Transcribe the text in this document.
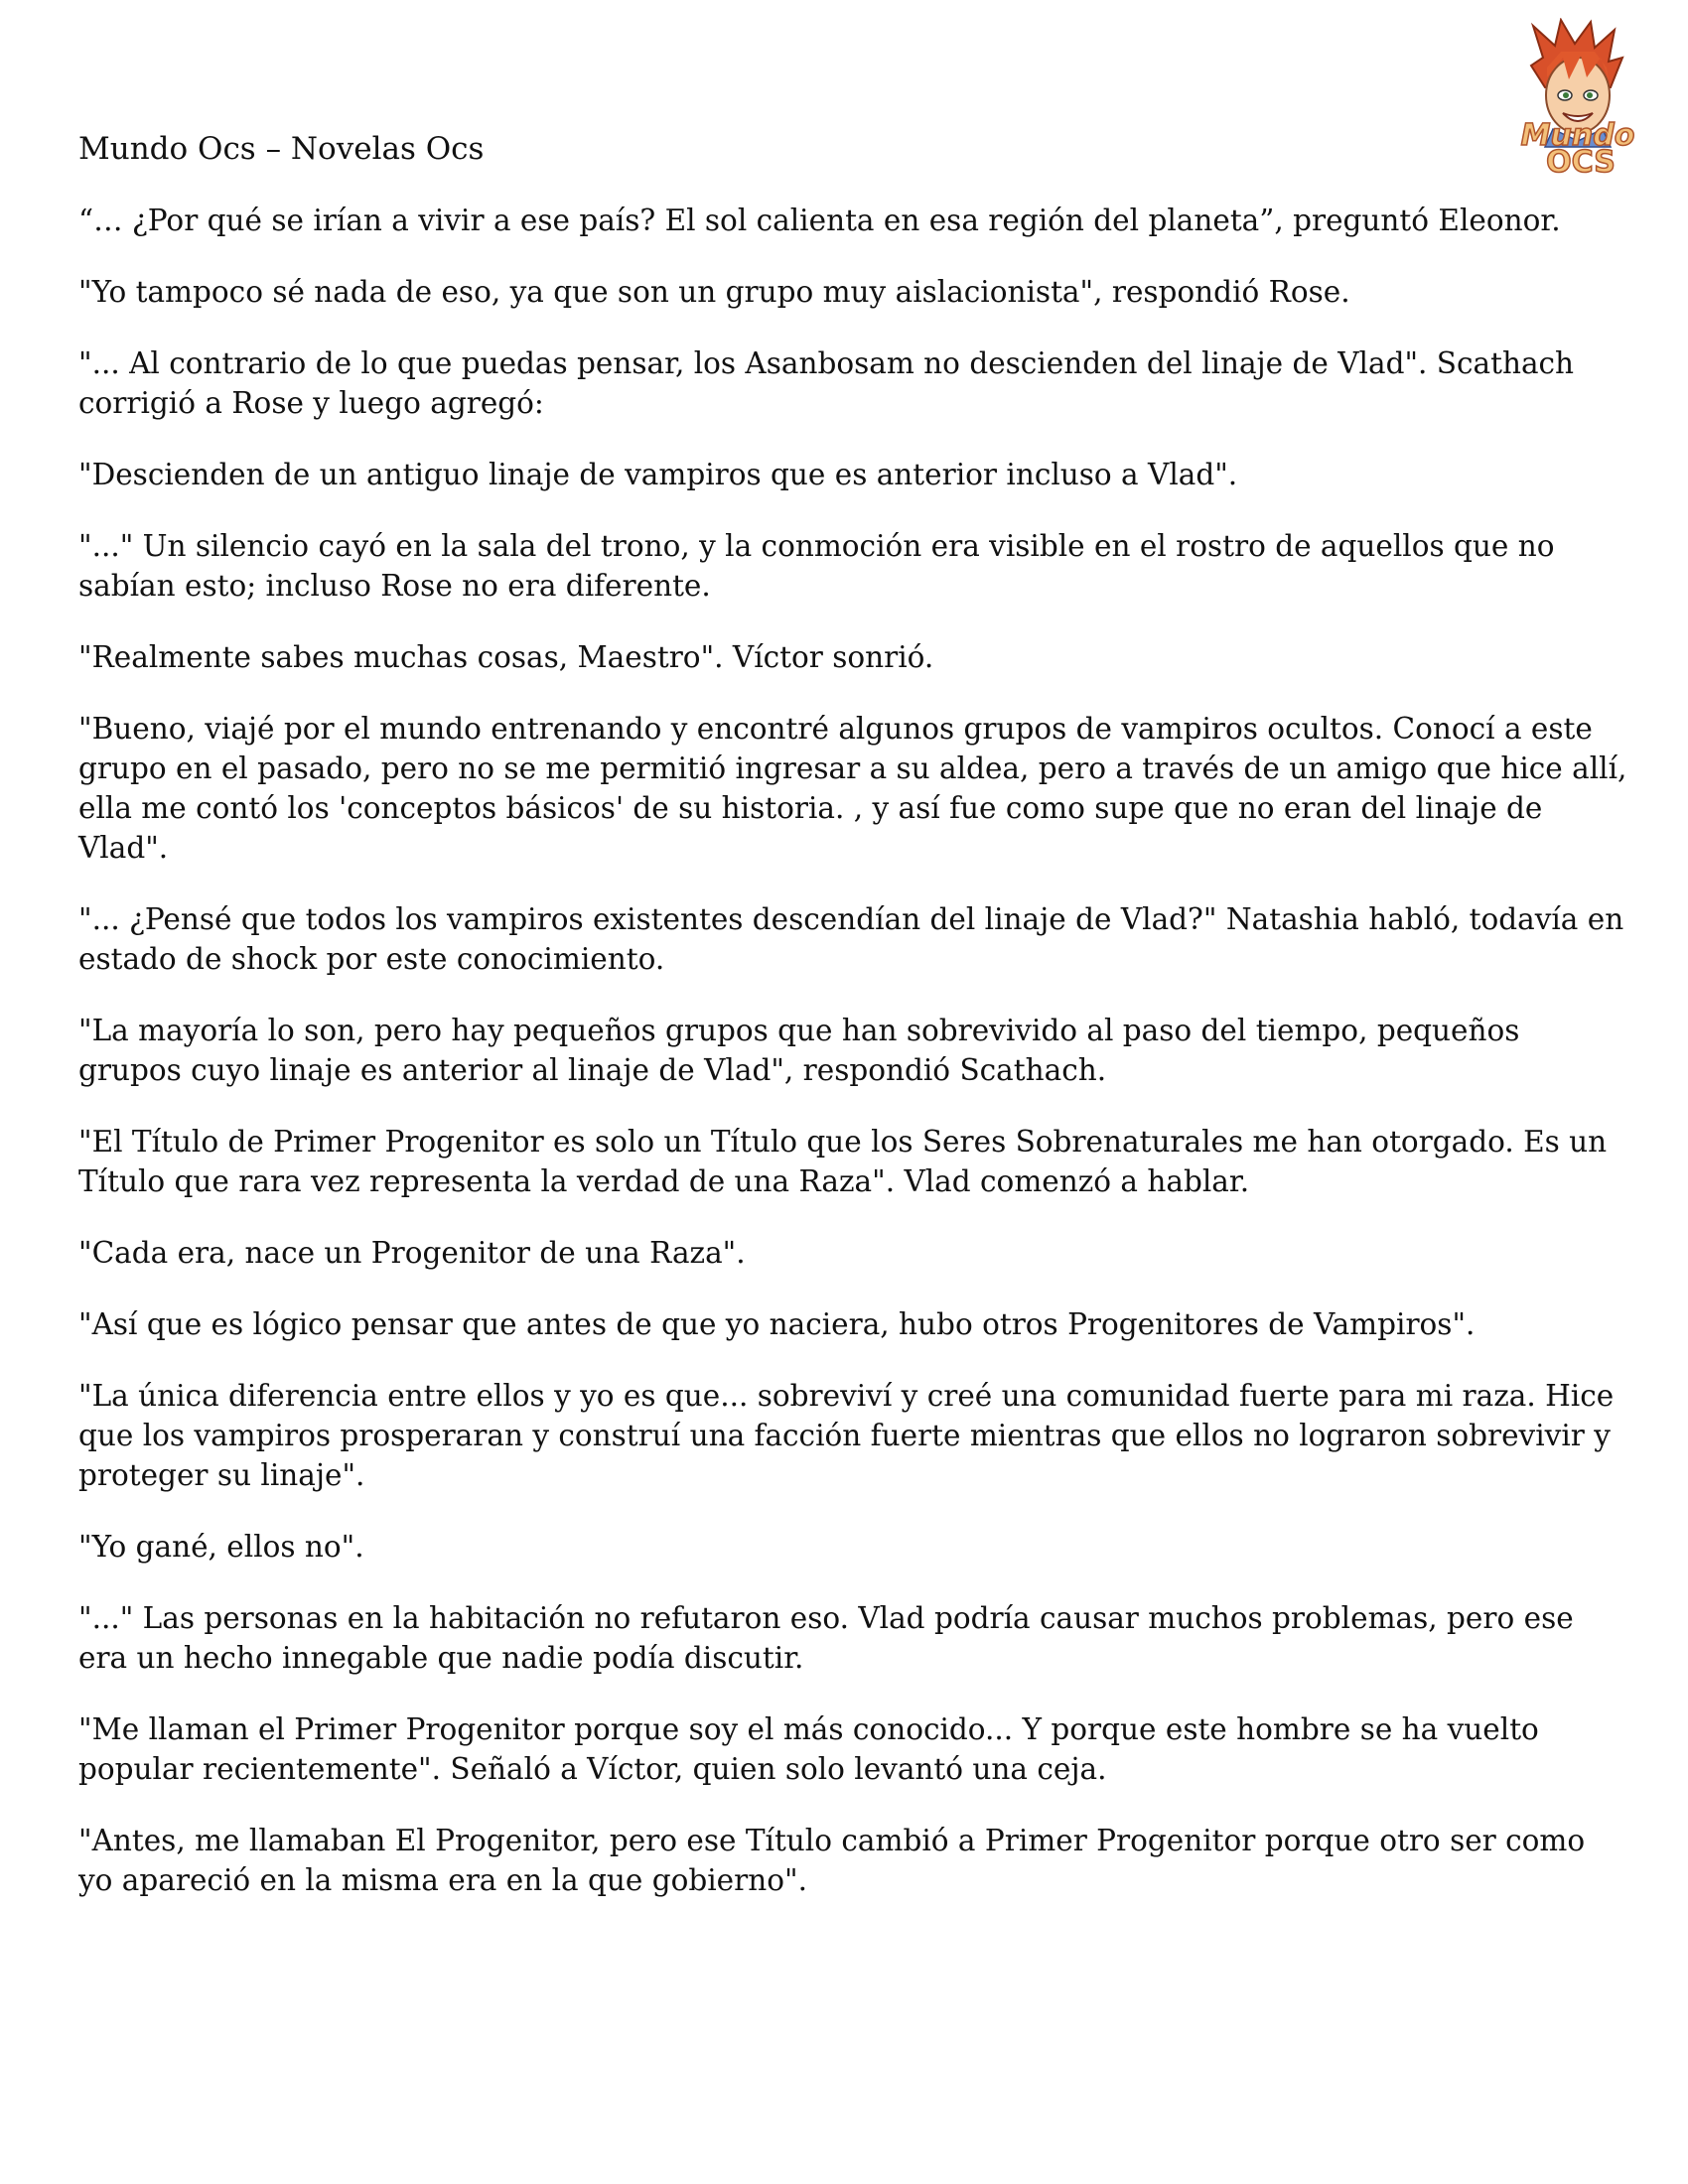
Mundo Ocs – Novelas Ocs	Mundo
OCS

“… ¿Por qué se irían a vivir a ese país? El sol calienta en esa región del planeta”, preguntó Eleonor.

"Yo tampoco sé nada de eso, ya que son un grupo muy aislacionista", respondió Rose.

"... Al contrario de lo que puedas pensar, los Asanbosam no descienden del linaje de Vlad". Scathach corrigió a Rose y luego agregó:

"Descienden de un antiguo linaje de vampiros que es anterior incluso a Vlad".

"..." Un silencio cayó en la sala del trono, y la conmoción era visible en el rostro de aquellos que no sabían esto; incluso Rose no era diferente.

"Realmente sabes muchas cosas, Maestro". Víctor sonrió.

"Bueno, viajé por el mundo entrenando y encontré algunos grupos de vampiros ocultos. Conocí a este grupo en el pasado, pero no se me permitió ingresar a su aldea, pero a través de un amigo que hice allí, ella me contó los 'conceptos básicos' de su historia. , y así fue como supe que no eran del linaje de Vlad".

"... ¿Pensé que todos los vampiros existentes descendían del linaje de Vlad?" Natashia habló, todavía en estado de shock por este conocimiento.

"La mayoría lo son, pero hay pequeños grupos que han sobrevivido al paso del tiempo, pequeños grupos cuyo linaje es anterior al linaje de Vlad", respondió Scathach.

"El Título de Primer Progenitor es solo un Título que los Seres Sobrenaturales me han otorgado. Es un Título que rara vez representa la verdad de una Raza". Vlad comenzó a hablar.

"Cada era, nace un Progenitor de una Raza".

"Así que es lógico pensar que antes de que yo naciera, hubo otros Progenitores de Vampiros".

"La única diferencia entre ellos y yo es que... sobreviví y creé una comunidad fuerte para mi raza. Hice que los vampiros prosperaran y construí una facción fuerte mientras que ellos no lograron sobrevivir y proteger su linaje".

"Yo gané, ellos no".

"..." Las personas en la habitación no refutaron eso. Vlad podría causar muchos problemas, pero ese era un hecho innegable que nadie podía discutir.

"Me llaman el Primer Progenitor porque soy el más conocido... Y porque este hombre se ha vuelto popular recientemente". Señaló a Víctor, quien solo levantó una ceja.

"Antes, me llamaban El Progenitor, pero ese Título cambió a Primer Progenitor porque otro ser como yo apareció en la misma era en la que gobierno".
